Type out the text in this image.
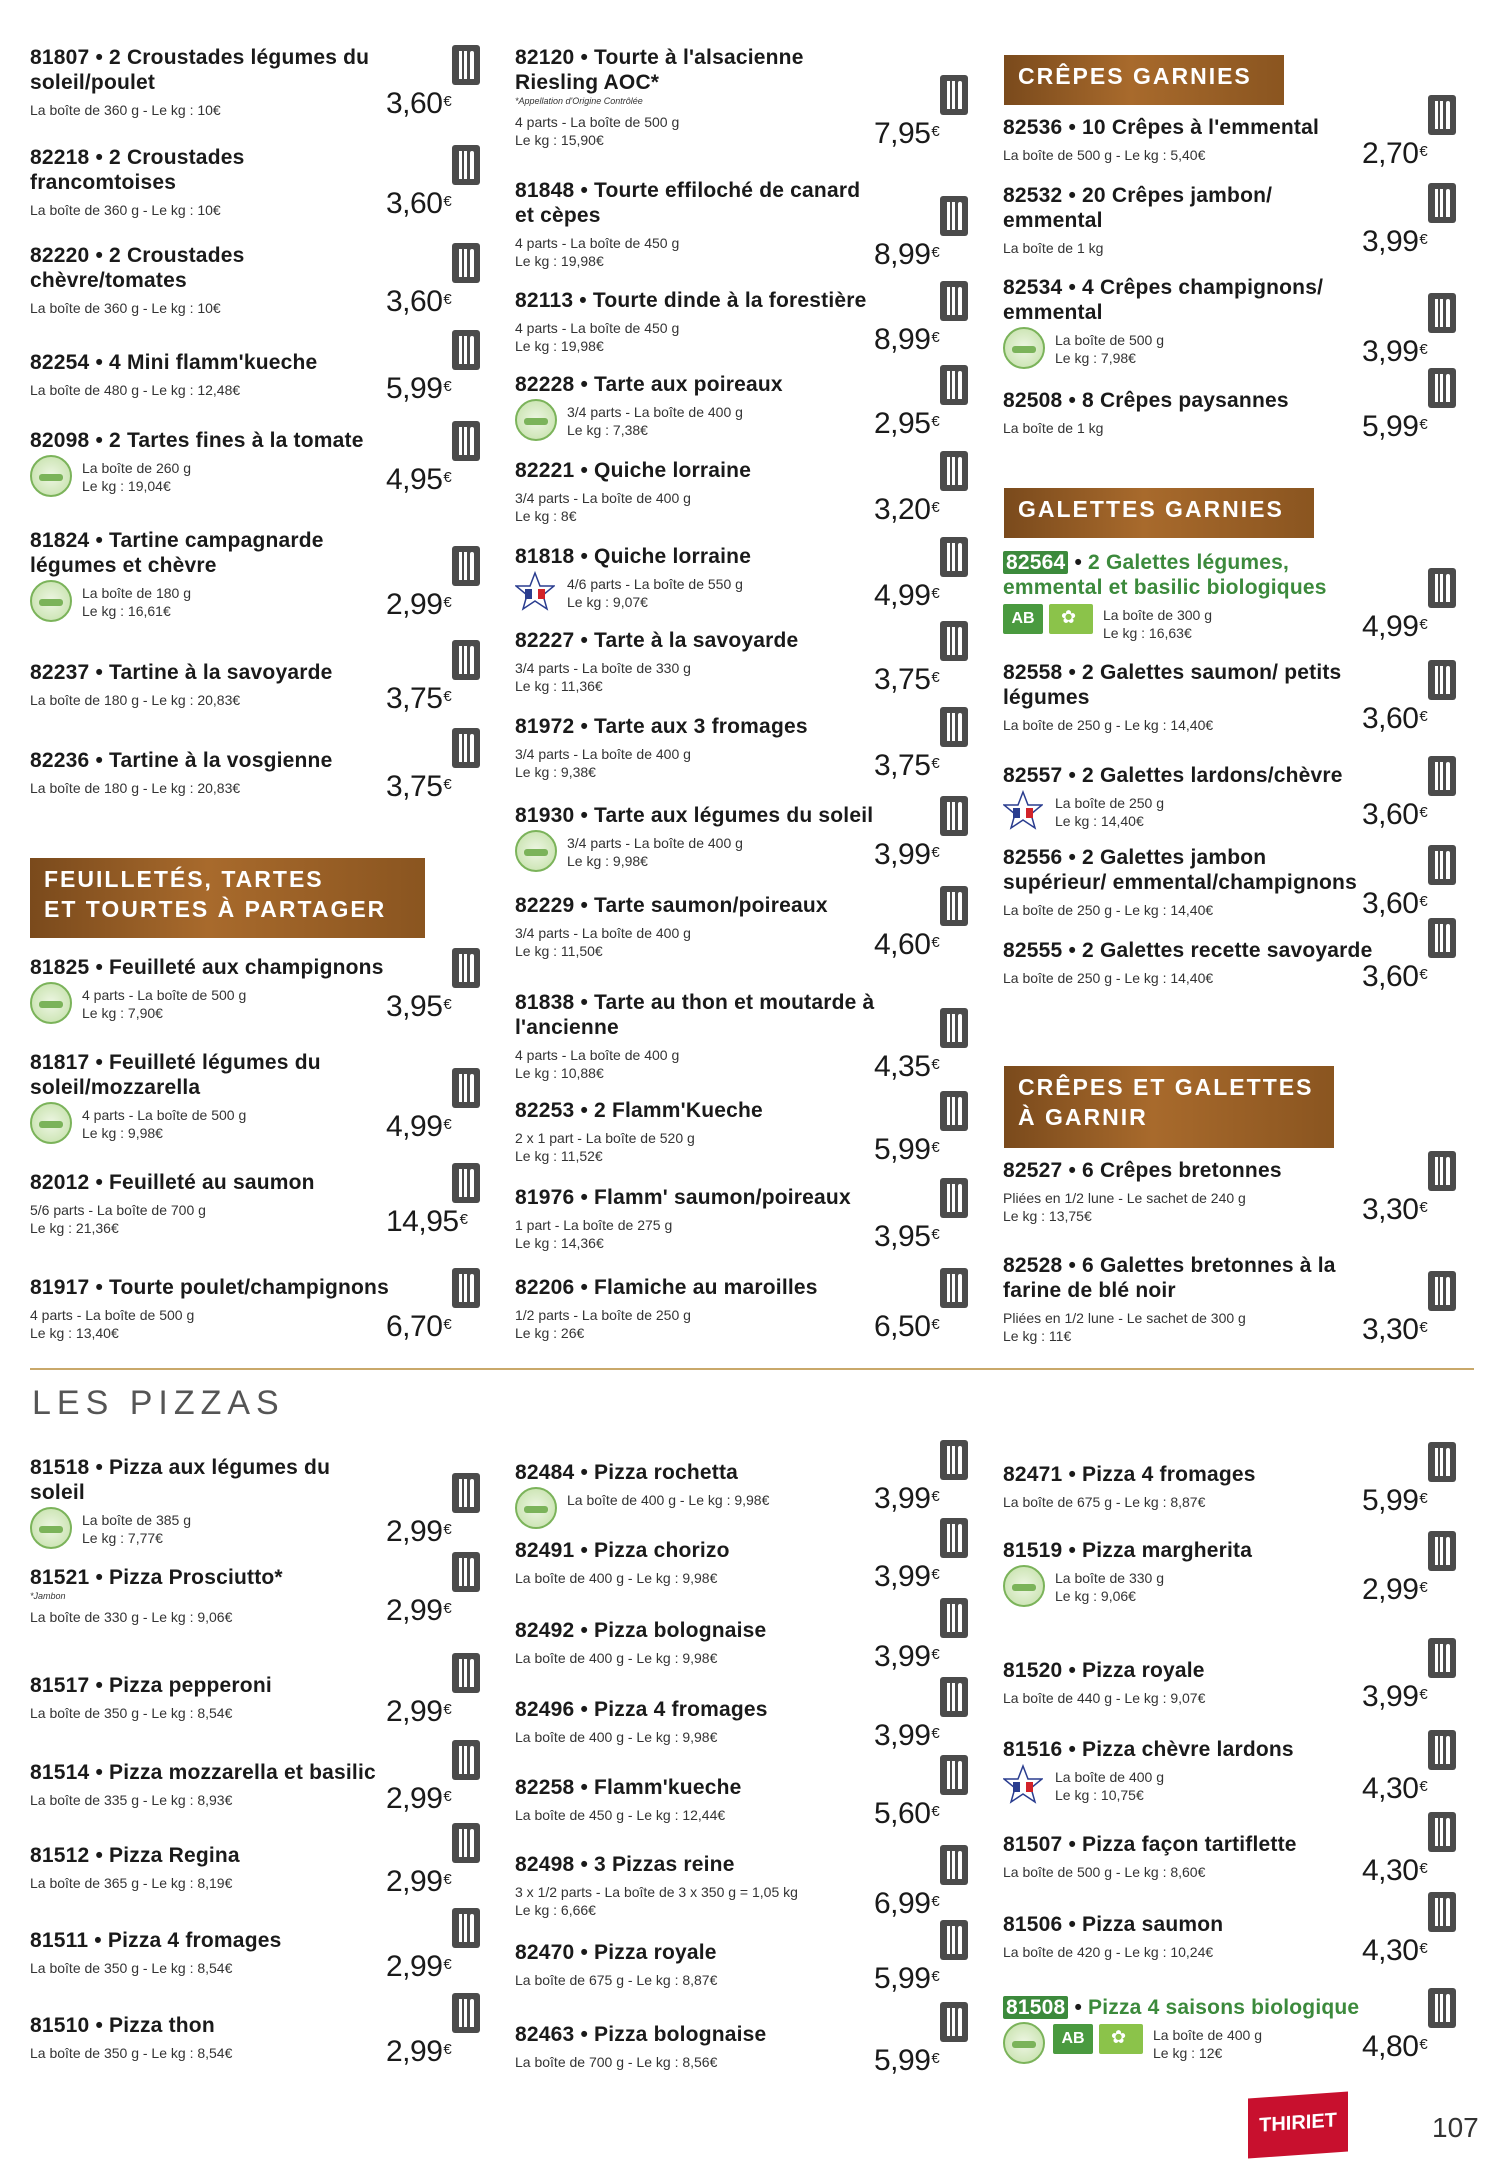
FEUILLETÉS, TARTES
ET TOURTES À PARTAGER
CRÊPES GARNIES
GALETTES GARNIES
CRÊPES ET GALETTES
À GARNIR
LES PIZZAS
81807 • 2 Croustades légumes du soleil/poulet
La boîte de 360 g - Le kg : 10€	3,60€
82218 • 2 Croustades francomtoises
La boîte de 360 g - Le kg : 10€	3,60€
82220 • 2 Croustades chèvre/tomates
La boîte de 360 g - Le kg : 10€	3,60€
82254 • 4 Mini flamm'kueche
La boîte de 480 g - Le kg : 12,48€	5,99€
82098 • 2 Tartes fines à la tomate
La boîte de 260 g
Le kg : 19,04€	4,95€
81824 • Tartine campagnarde légumes et chèvre
La boîte de 180 g
Le kg : 16,61€	2,99€
82237 • Tartine à la savoyarde
La boîte de 180 g - Le kg : 20,83€	3,75€
82236 • Tartine à la vosgienne
La boîte de 180 g - Le kg : 20,83€	3,75€
81825 • Feuilleté aux champignons
4 parts - La boîte de 500 g
Le kg : 7,90€	3,95€
81817 • Feuilleté légumes du soleil/mozzarella
4 parts - La boîte de 500 g
Le kg : 9,98€	4,99€
82012 • Feuilleté au saumon
5/6 parts - La boîte de 700 g
Le kg : 21,36€	14,95€
81917 • Tourte poulet/champignons
4 parts - La boîte de 500 g
Le kg : 13,40€	6,70€
82120 • Tourte à l'alsacienne Riesling AOC*
*Appellation d'Origine Contrôlée
4 parts - La boîte de 500 g
Le kg : 15,90€	7,95€
81848 • Tourte effiloché de canard et cèpes
4 parts - La boîte de 450 g
Le kg : 19,98€	8,99€
82113 • Tourte dinde à la forestière
4 parts - La boîte de 450 g
Le kg : 19,98€	8,99€
82228 • Tarte aux poireaux
3/4 parts - La boîte de 400 g
Le kg : 7,38€	2,95€
82221 • Quiche lorraine
3/4 parts - La boîte de 400 g
Le kg : 8€	3,20€
81818 • Quiche lorraine
4/6 parts - La boîte de 550 g
Le kg : 9,07€	4,99€
82227 • Tarte à la savoyarde
3/4 parts - La boîte de 330 g
Le kg : 11,36€	3,75€
81972 • Tarte aux 3 fromages
3/4 parts - La boîte de 400 g
Le kg : 9,38€	3,75€
81930 • Tarte aux légumes du soleil
3/4 parts - La boîte de 400 g
Le kg : 9,98€	3,99€
82229 • Tarte saumon/poireaux
3/4 parts - La boîte de 400 g
Le kg : 11,50€	4,60€
81838 • Tarte au thon et moutarde à l'ancienne
4 parts - La boîte de 400 g
Le kg : 10,88€	4,35€
82253 • 2 Flamm'Kueche
2 x 1 part - La boîte de 520 g
Le kg : 11,52€	5,99€
81976 • Flamm' saumon/poireaux
1 part - La boîte de 275 g
Le kg : 14,36€	3,95€
82206 • Flamiche au maroilles
1/2 parts - La boîte de 250 g
Le kg : 26€	6,50€
82536 • 10 Crêpes à l'emmental
La boîte de 500 g - Le kg : 5,40€	2,70€
82532 • 20 Crêpes jambon/ emmental
La boîte de 1 kg	3,99€
82534 • 4 Crêpes champignons/ emmental
La boîte de 500 g
Le kg : 7,98€	3,99€
82508 • 8 Crêpes paysannes
La boîte de 1 kg	5,99€
82564 • 2 Galettes légumes, emmental et basilic biologiques
AB ✿	La boîte de 300 g
Le kg : 16,63€	4,99€
82558 • 2 Galettes saumon/ petits légumes
La boîte de 250 g - Le kg : 14,40€	3,60€
82557 • 2 Galettes lardons/chèvre
La boîte de 250 g
Le kg : 14,40€	3,60€
82556 • 2 Galettes jambon supérieur/ emmental/champignons
La boîte de 250 g - Le kg : 14,40€	3,60€
82555 • 2 Galettes recette savoyarde
La boîte de 250 g - Le kg : 14,40€	3,60€
82527 • 6 Crêpes bretonnes
Pliées en 1/2 lune - Le sachet de 240 g
Le kg : 13,75€	3,30€
82528 • 6 Galettes bretonnes à la farine de blé noir
Pliées en 1/2 lune - Le sachet de 300 g
Le kg : 11€	3,30€
81518 • Pizza aux légumes du soleil
La boîte de 385 g
Le kg : 7,77€	2,99€
81521 • Pizza Prosciutto*
*Jambon
La boîte de 330 g - Le kg : 9,06€	2,99€
81517 • Pizza pepperoni
La boîte de 350 g - Le kg : 8,54€	2,99€
81514 • Pizza mozzarella et basilic
La boîte de 335 g - Le kg : 8,93€	2,99€
81512 • Pizza Regina
La boîte de 365 g - Le kg : 8,19€	2,99€
81511 • Pizza 4 fromages
La boîte de 350 g - Le kg : 8,54€	2,99€
81510 • Pizza thon
La boîte de 350 g - Le kg : 8,54€	2,99€
82484 • Pizza rochetta
La boîte de 400 g - Le kg : 9,98€	3,99€
82491 • Pizza chorizo
La boîte de 400 g - Le kg : 9,98€	3,99€
82492 • Pizza bolognaise
La boîte de 400 g - Le kg : 9,98€	3,99€
82496 • Pizza 4 fromages
La boîte de 400 g - Le kg : 9,98€	3,99€
82258 • Flamm'kueche
La boîte de 450 g - Le kg : 12,44€	5,60€
82498 • 3 Pizzas reine
3 x 1/2 parts - La boîte de 3 x 350 g = 1,05 kg
Le kg : 6,66€	6,99€
82470 • Pizza royale
La boîte de 675 g - Le kg : 8,87€	5,99€
82463 • Pizza bolognaise
La boîte de 700 g - Le kg : 8,56€	5,99€
82471 • Pizza 4 fromages
La boîte de 675 g - Le kg : 8,87€	5,99€
81519 • Pizza margherita
La boîte de 330 g
Le kg : 9,06€	2,99€
81520 • Pizza royale
La boîte de 440 g - Le kg : 9,07€	3,99€
81516 • Pizza chèvre lardons
La boîte de 400 g
Le kg : 10,75€	4,30€
81507 • Pizza façon tartiflette
La boîte de 500 g - Le kg : 8,60€	4,30€
81506 • Pizza saumon
La boîte de 420 g - Le kg : 10,24€	4,30€
81508 • Pizza 4 saisons biologique
AB ✿	La boîte de 400 g
Le kg : 12€	4,80€
THIRIET	107
